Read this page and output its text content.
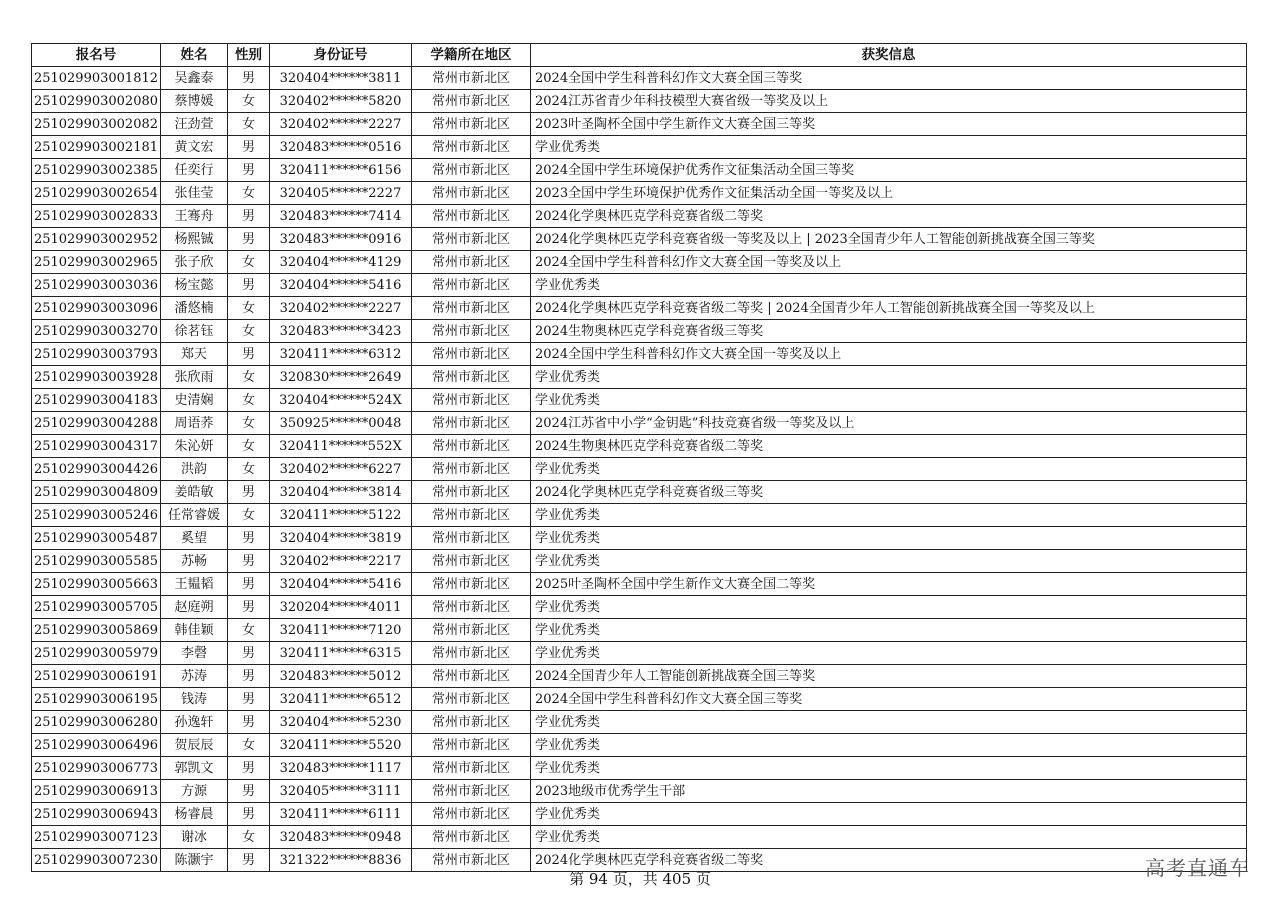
报名号	姓名	性别	身份证号	学籍所在地区	获奖信息
251029903001812	吴鑫泰	男	320404******3811	常州市新北区	2024全国中学生科普科幻作文大赛全国三等奖
251029903002080	蔡博媛	女	320402******5820	常州市新北区	2024江苏省青少年科技模型大赛省级一等奖及以上
251029903002082	汪劲萱	女	320402******2227	常州市新北区	2023叶圣陶杯全国中学生新作文大赛全国三等奖
251029903002181	黄文宏	男	320483******0516	常州市新北区	学业优秀类
251029903002385	任奕行	男	320411******6156	常州市新北区	2024全国中学生环境保护优秀作文征集活动全国三等奖
251029903002654	张佳莹	女	320405******2227	常州市新北区	2023全国中学生环境保护优秀作文征集活动全国一等奖及以上
251029903002833	王骞舟	男	320483******7414	常州市新北区	2024化学奥林匹克学科竞赛省级二等奖
251029903002952	杨熙铖	男	320483******0916	常州市新北区	2024化学奥林匹克学科竞赛省级一等奖及以上 | 2023全国青少年人工智能创新挑战赛全国三等奖
251029903002965	张子欣	女	320404******4129	常州市新北区	2024全国中学生科普科幻作文大赛全国一等奖及以上
251029903003036	杨宝懿	男	320404******5416	常州市新北区	学业优秀类
251029903003096	潘悠楠	女	320402******2227	常州市新北区	2024化学奥林匹克学科竞赛省级二等奖 | 2024全国青少年人工智能创新挑战赛全国一等奖及以上
251029903003270	徐茗钰	女	320483******3423	常州市新北区	2024生物奥林匹克学科竞赛省级三等奖
251029903003793	郑天	男	320411******6312	常州市新北区	2024全国中学生科普科幻作文大赛全国一等奖及以上
251029903003928	张欣雨	女	320830******2649	常州市新北区	学业优秀类
251029903004183	史清娴	女	320404******524X	常州市新北区	学业优秀类
251029903004288	周语荞	女	350925******0048	常州市新北区	2024江苏省中小学“金钥匙”科技竞赛省级一等奖及以上
251029903004317	朱沁妍	女	320411******552X	常州市新北区	2024生物奥林匹克学科竞赛省级二等奖
251029903004426	洪韵	女	320402******6227	常州市新北区	学业优秀类
251029903004809	姜皓敏	男	320404******3814	常州市新北区	2024化学奥林匹克学科竞赛省级三等奖
251029903005246	任常睿媛	女	320411******5122	常州市新北区	学业优秀类
251029903005487	奚望	男	320404******3819	常州市新北区	学业优秀类
251029903005585	苏畅	男	320402******2217	常州市新北区	学业优秀类
251029903005663	王韫韬	男	320404******5416	常州市新北区	2025叶圣陶杯全国中学生新作文大赛全国二等奖
251029903005705	赵庭朔	男	320204******4011	常州市新北区	学业优秀类
251029903005869	韩佳颖	女	320411******7120	常州市新北区	学业优秀类
251029903005979	李磬	男	320411******6315	常州市新北区	学业优秀类
251029903006191	苏涛	男	320483******5012	常州市新北区	2024全国青少年人工智能创新挑战赛全国三等奖
251029903006195	钱涛	男	320411******6512	常州市新北区	2024全国中学生科普科幻作文大赛全国三等奖
251029903006280	孙逸轩	男	320404******5230	常州市新北区	学业优秀类
251029903006496	贺辰辰	女	320411******5520	常州市新北区	学业优秀类
251029903006773	郭凯文	男	320483******1117	常州市新北区	学业优秀类
251029903006913	方源	男	320405******3111	常州市新北区	2023地级市优秀学生干部
251029903006943	杨睿晨	男	320411******6111	常州市新北区	学业优秀类
251029903007123	谢冰	女	320483******0948	常州市新北区	学业优秀类
251029903007230	陈灏宇	男	321322******8836	常州市新北区	2024化学奥林匹克学科竞赛省级二等奖
第 94 页，共 405 页	高考直通车
